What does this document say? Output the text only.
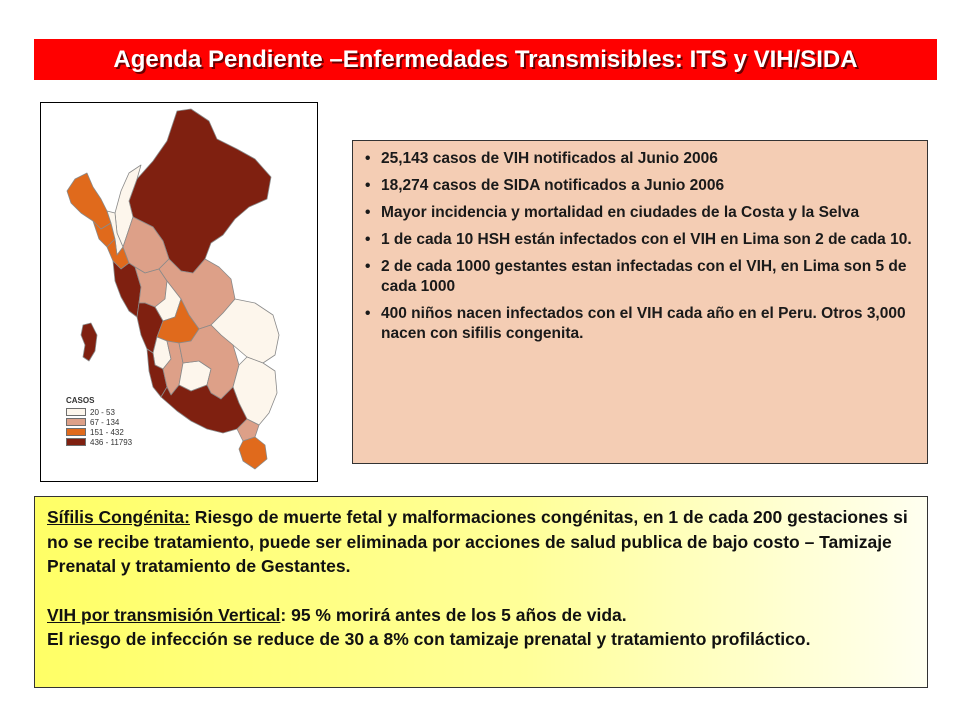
Agenda Pendiente –Enfermedades Transmisibles: ITS y VIH/SIDA
CASOS
20 - 53
67 - 134
151 - 432
436 - 11793
• 25,143 casos de VIH notificados al Junio 2006
• 18,274 casos de SIDA notificados a Junio 2006
• Mayor incidencia y mortalidad en ciudades de la Costa y la Selva
• 1 de cada 10 HSH están infectados con el VIH en Lima son 2 de cada 10.
• 2 de cada 1000 gestantes estan infectadas con el VIH, en Lima son 5 de cada 1000
• 400 niños nacen infectados con el VIH cada año en el Peru. Otros 3,000 nacen con sifilis congenita.

Sífilis Congénita: Riesgo de muerte fetal y malformaciones congénitas, en 1 de cada 200 gestaciones si no se recibe tratamiento, puede ser eliminada por acciones de salud publica de bajo costo – Tamizaje Prenatal y tratamiento de Gestantes.

VIH por transmisión Vertical: 95 % morirá antes de los 5 años de vida.

El riesgo de infección se reduce de 30 a 8% con tamizaje prenatal y tratamiento profiláctico.
